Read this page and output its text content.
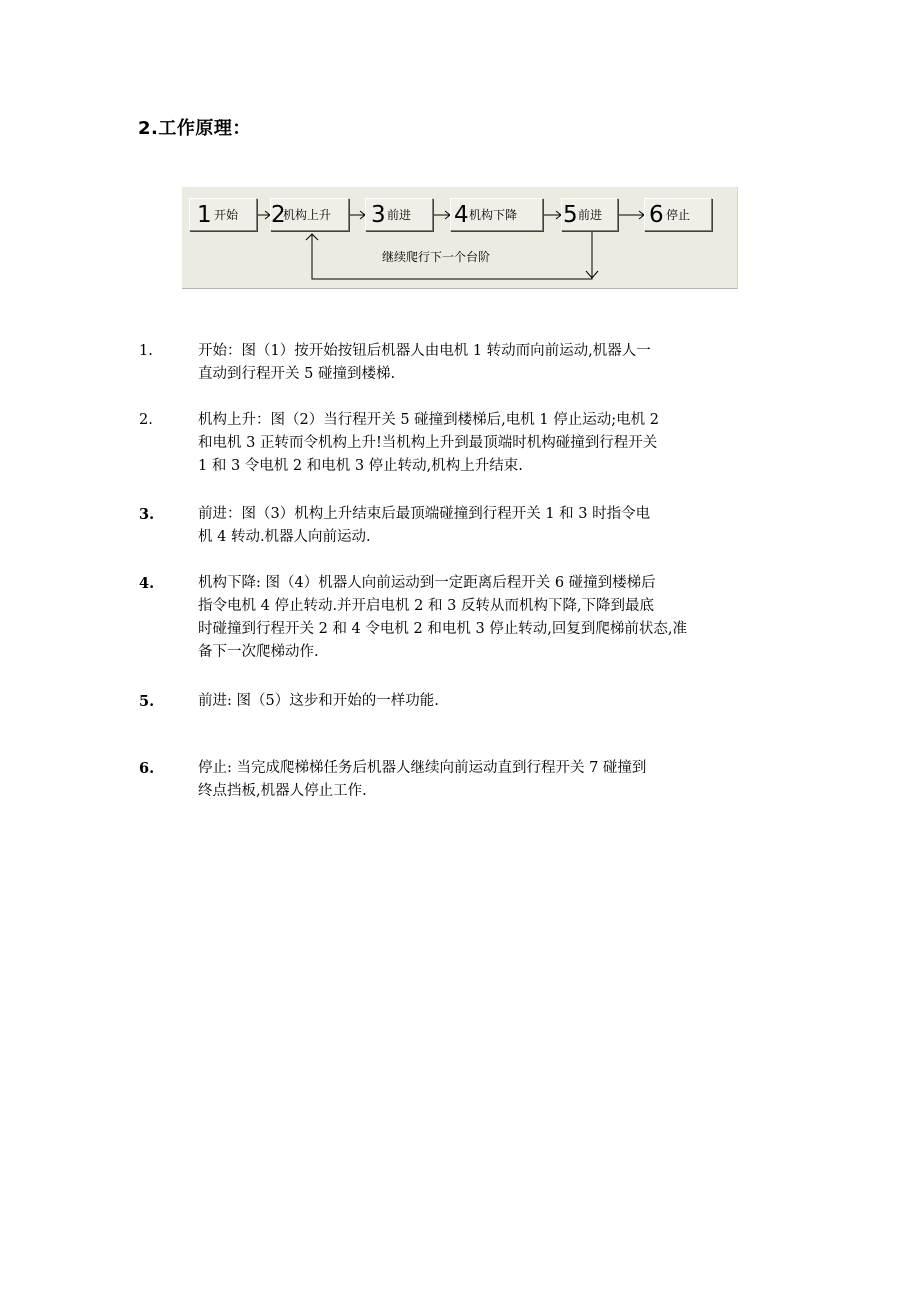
2.工作原理：
1 开始 2
机构上升 3 前进 4 机构下降 5 前进 6 停止
继续爬行下一个台阶
1.	开始：图（1）按开始按钮后机器人由电机 1 转动而向前运动,机器人一
直动到行程开关 5 碰撞到楼梯.
2.	机构上升：图（2）当行程开关 5 碰撞到楼梯后,电机 1 停止运动;电机 2
和电机 3 正转而令机构上升!当机构上升到最顶端时机构碰撞到行程开关
1 和 3 令电机 2 和电机 3 停止转动,机构上升结束.
3.	前进：图（3）机构上升结束后最顶端碰撞到行程开关 1 和 3 时指令电
机 4 转动.机器人向前运动.
4.	机构下降: 图（4）机器人向前运动到一定距离后程开关 6 碰撞到楼梯后
指令电机 4 停止转动.并开启电机 2 和 3 反转从而机构下降,下降到最底
时碰撞到行程开关 2 和 4 令电机 2 和电机 3 停止转动,回复到爬梯前状态,准
备下一次爬梯动作.
5.	前进: 图（5）这步和开始的一样功能.
6.	停止: 当完成爬梯梯任务后机器人继续向前运动直到行程开关 7 碰撞到
终点挡板,机器人停止工作.
